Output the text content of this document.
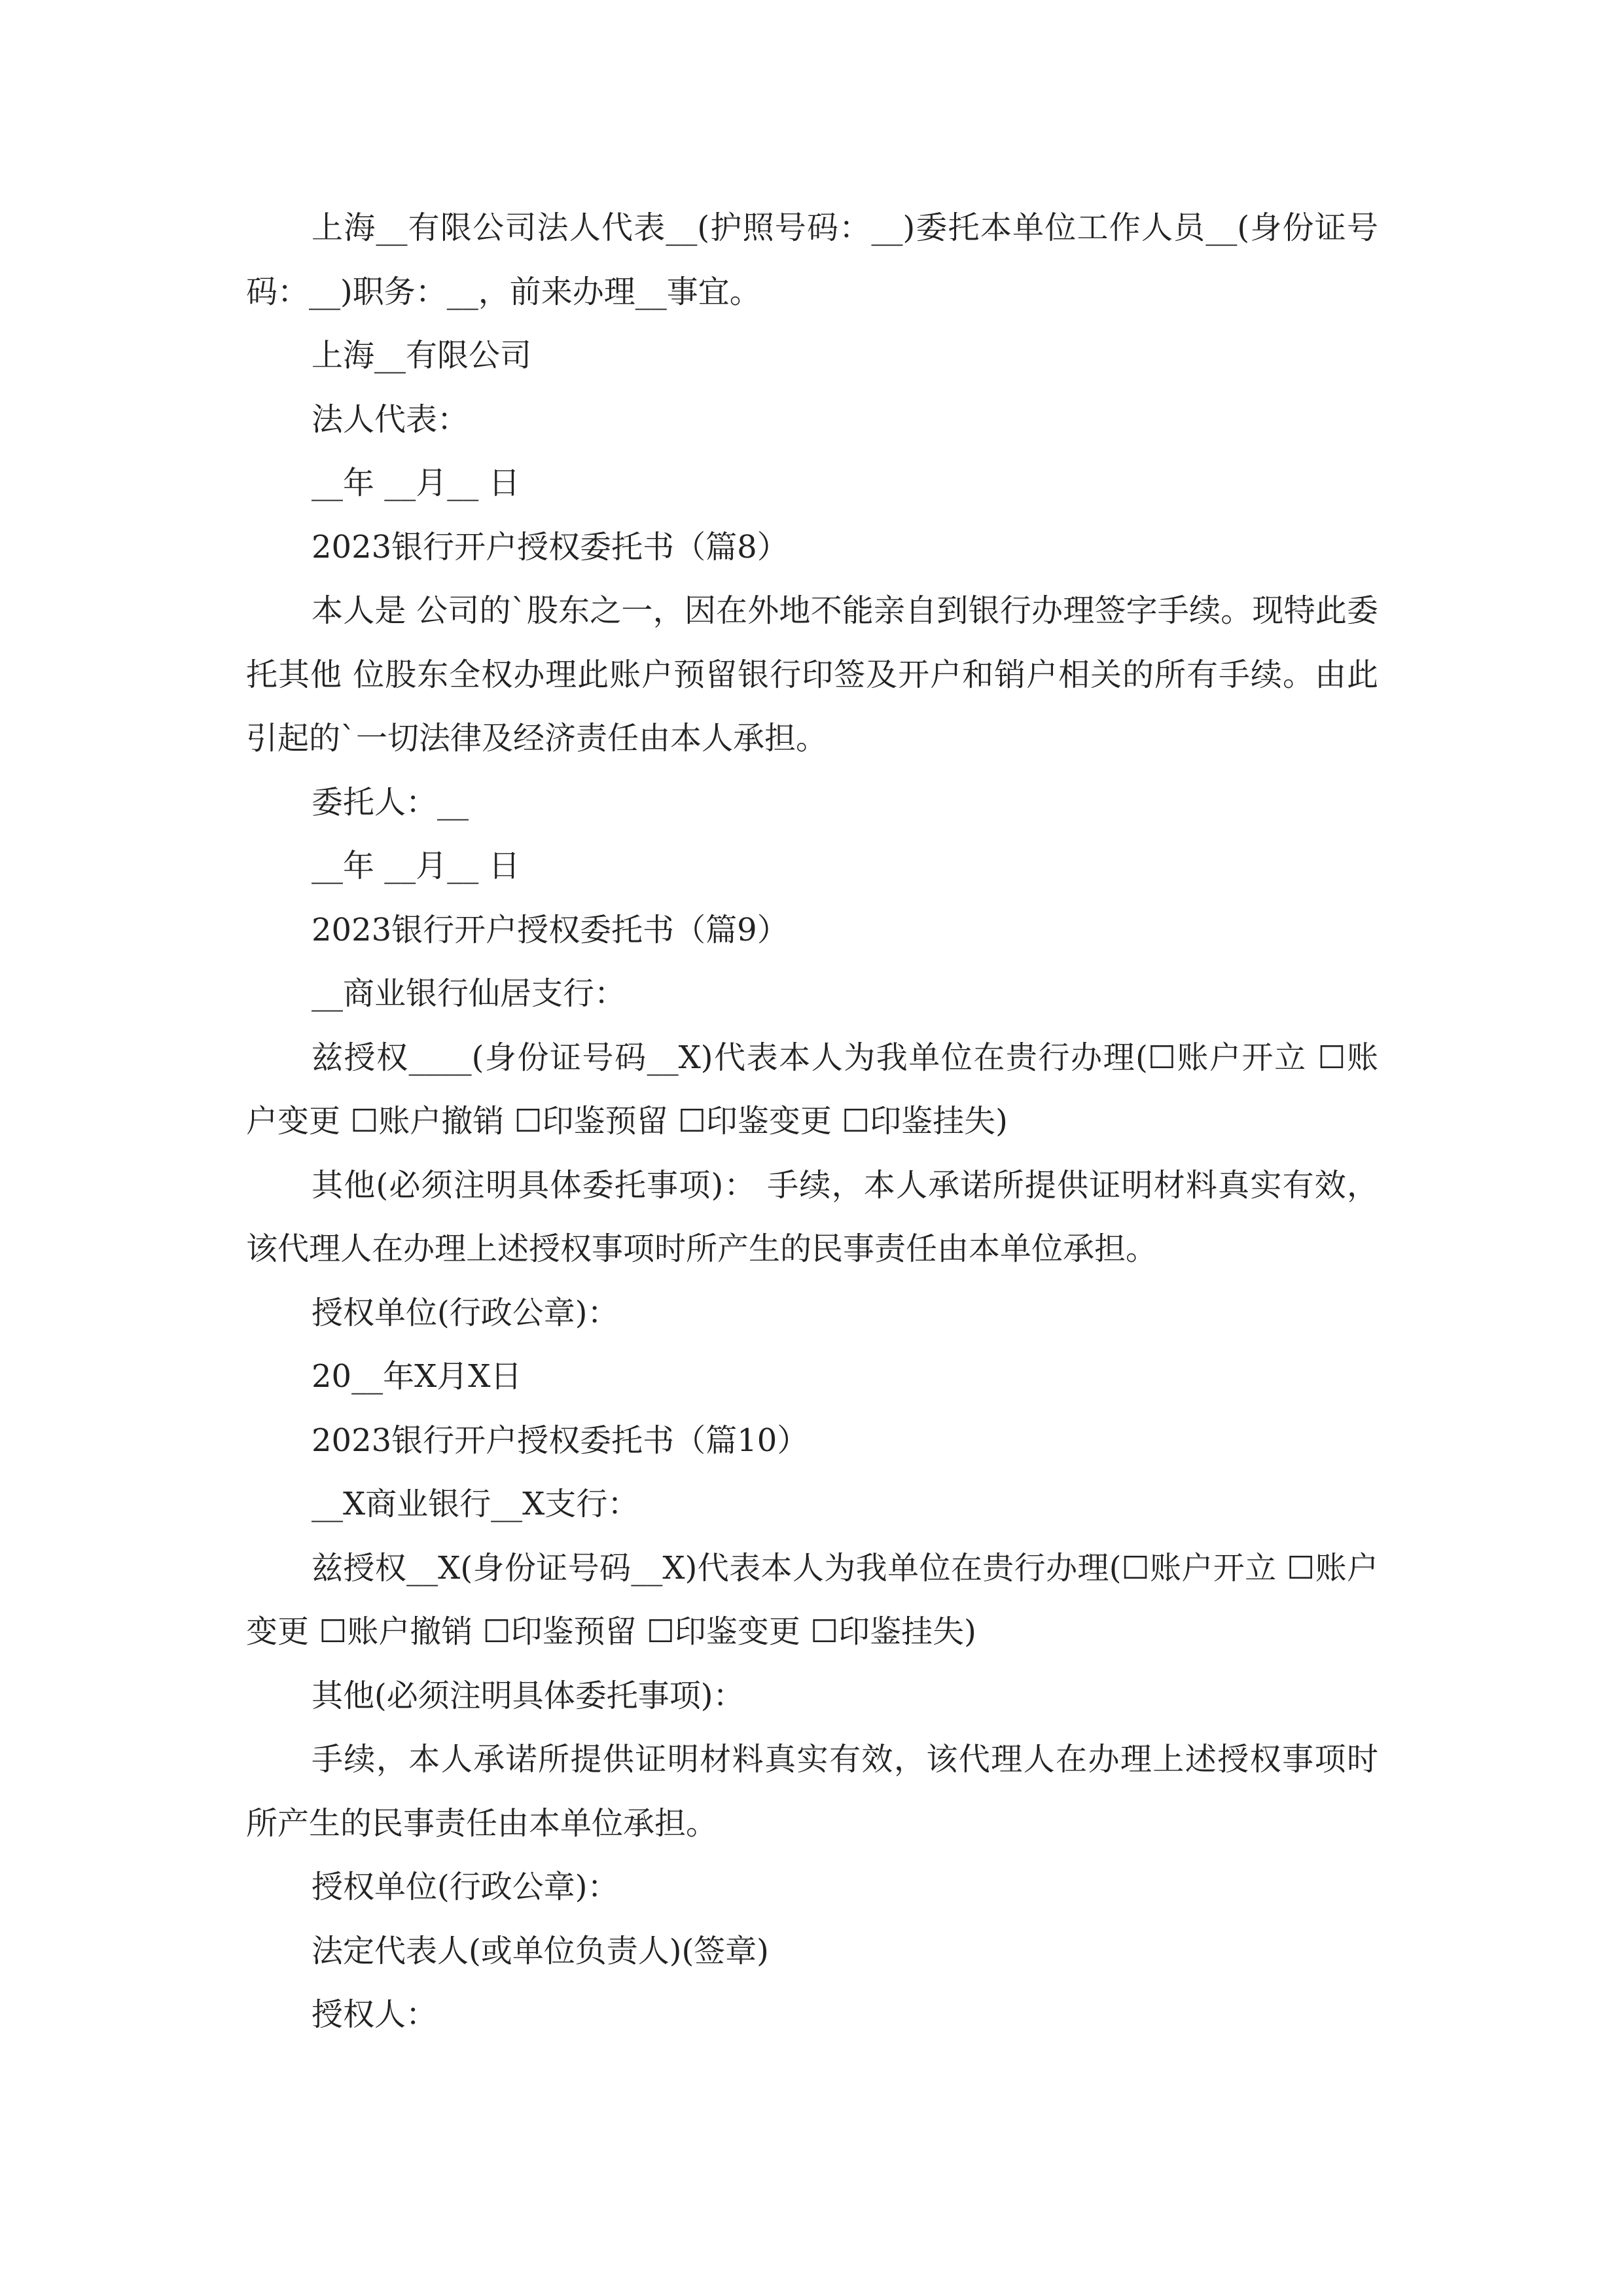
上海__有限公司法人代表__(护照号码：__)委托本单位工作人员__(身份证号码：__)职务：__，前来办理__事宜。

上海__有限公司

法人代表：

__年 __月__ 日

2023银行开户授权委托书（篇8）

本人是 公司的`股东之一，因在外地不能亲自到银行办理签字手续。现特此委托其他 位股东全权办理此账户预留银行印签及开户和销户相关的所有手续。由此引起的`一切法律及经济责任由本人承担。

委托人：__

__年 __月__ 日

2023银行开户授权委托书（篇9）

__商业银行仙居支行：

兹授权____(身份证号码__X)代表本人为我单位在贵行办理(☐账户开立 ☐账户变更 ☐账户撤销 ☐印鉴预留 ☐印鉴变更 ☐印鉴挂失)

其他(必须注明具体委托事项)： 手续，本人承诺所提供证明材料真实有效，该代理人在办理上述授权事项时所产生的民事责任由本单位承担。

授权单位(行政公章)：

20__年X月X日

2023银行开户授权委托书（篇10）

__X商业银行__X支行：

兹授权__X(身份证号码__X)代表本人为我单位在贵行办理(☐账户开立 ☐账户变更 ☐账户撤销 ☐印鉴预留 ☐印鉴变更 ☐印鉴挂失)

其他(必须注明具体委托事项)：

手续，本人承诺所提供证明材料真实有效，该代理人在办理上述授权事项时所产生的民事责任由本单位承担。

授权单位(行政公章)：

法定代表人(或单位负责人)(签章)

授权人：
